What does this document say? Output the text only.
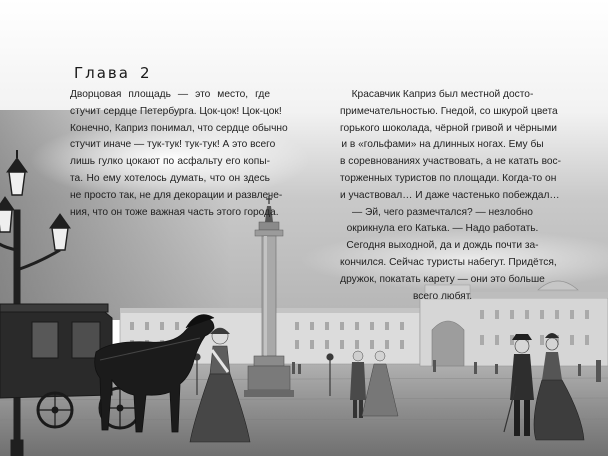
Глава 2
Дворцовая площадь — это место, где
стучит сердце Петербурга. Цок-цок! Цок-цок!
Конечно, Каприз понимал, что сердце обычно
стучит иначе — тук-тук! тук-тук! А это всего
лишь гулко цокают по асфальту его копы-
та. Но ему хотелось думать, что он здесь
не просто так, не для декорации и развлече-
ния, что он тоже важная часть этого города.
Красавчик Каприз был местной досто-
примечательностью. Гнедой, со шкурой цвета
горького шоколада, чёрной гривой и чёрными
и в «гольфами» на длинных ногах. Ему бы
в соревнованиях участвовать, а не катать вос-
торженных туристов по площади. Когда-то он
и участвовал… И даже частенько побеждал…
— Эй, чего размечтался? — незлобно
окрикнула его Катька. — Надо работать.
Сегодня выходной, да и дождь почти за-
кончился. Сейчас туристы набегут. Придётся,
дружок, покатать карету — они это больше
всего любят.
